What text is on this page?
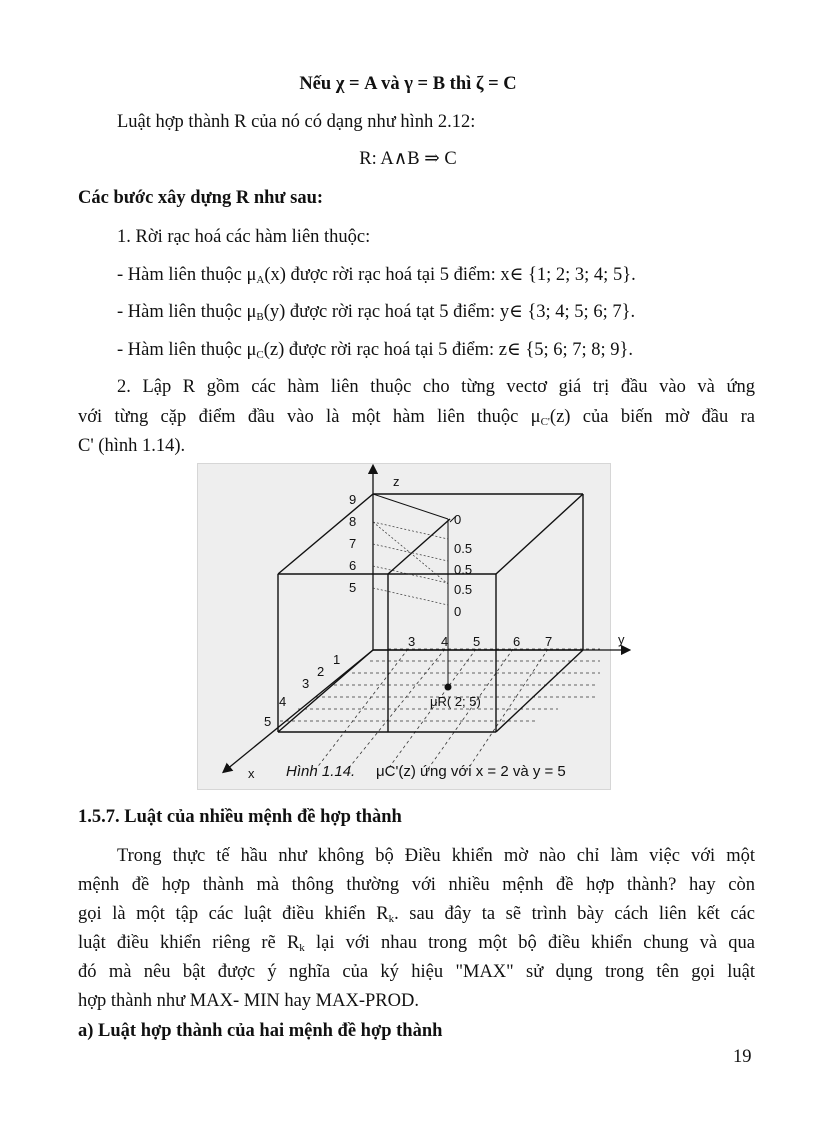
Nếu χ = A và γ = B thì ζ = C
Luật hợp thành R của nó có dạng như hình 2.12:
R: A∧B ⇒ C
Các bước xây dựng R như sau:
1. Rời rạc hoá các hàm liên thuộc:
- Hàm liên thuộc $\mu_A(x)$ được rời rạc hoá tại 5 điểm: x∈ {1; 2; 3; 4; 5}.
- Hàm liên thuộc $\mu_B(y)$ được rời rạc hoá tạt 5 điểm: y∈ {3; 4; 5; 6; 7}.
- Hàm liên thuộc $\mu_C(z)$ được rời rạc hoá tại 5 điểm: z∈ {5; 6; 7; 8; 9}.
2. Lập R gồm các hàm liên thuộc cho từng vectơ giá trị đầu vào và ứng
với từng cặp điểm đầu vào là một hàm liên thuộc $\mu_{C'}(z)$ của biến mờ đầu ra
C' (hình 1.14).
z
y
x
9
8
7
6
5
0
0.5
0.5
0.5
0
3 4 5	6 7
1
2
3
4
5
μR( 2; 5)
Hình 1.14. μC'(z) ứng với x = 2 và y = 5
1.5.7. Luật của nhiều mệnh đề hợp thành
Trong thực tế hầu như không bộ Điều khiển mờ nào chỉ làm việc với một
mệnh đề hợp thành mà thông thường với nhiều mệnh đề hợp thành? hay còn
gọi là một tập các luật điều khiển $R_k$. sau đây ta sẽ trình bày cách liên kết các
luật điều khiển riêng rẽ $R_k$ lại với nhau trong một bộ điều khiển chung và qua
đó mà nêu bật được ý nghĩa của ký hiệu "MAX" sử dụng trong tên gọi luật
hợp thành như MAX- MIN hay MAX-PROD.
a) Luật hợp thành của hai mệnh đề hợp thành
19
